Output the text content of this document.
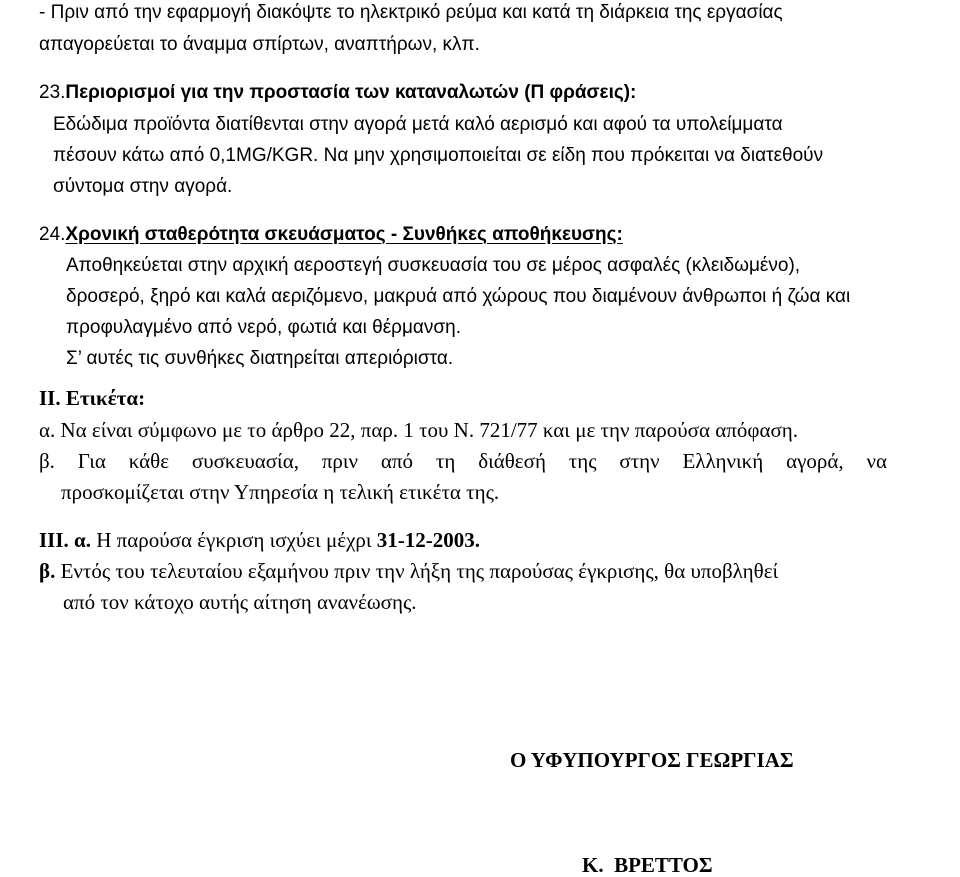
- Πριν από την εφαρμογή διακόψτε το ηλεκτρικό ρεύμα και κατά τη διάρκεια της εργασίας
απαγορεύεται το άναμμα σπίρτων, αναπτήρων, κλπ.
23.Περιορισμοί για την προστασία των καταναλωτών (Π φράσεις):
Εδώδιμα προϊόντα διατίθενται στην αγορά μετά καλό αερισμό και αφού τα υπολείμματα
πέσουν κάτω από 0,1MG/KGR. Να μην χρησιμοποιείται σε είδη που πρόκειται να διατεθούν
σύντομα στην αγορά.
24.Χρονική σταθερότητα σκευάσματος - Συνθήκες αποθήκευσης:
Αποθηκεύεται στην αρχική αεροστεγή συσκευασία του σε μέρος ασφαλές (κλειδωμένο),
δροσερό, ξηρό και καλά αεριζόμενο, μακρυά από χώρους που διαμένουν άνθρωποι ή ζώα και
προφυλαγμένο από νερό, φωτιά και θέρμανση.
Σ’ αυτές τις συνθήκες διατηρείται απεριόριστα.
ΙΙ. Ετικέτα:
α. Να είναι σύμφωνο με το άρθρο 22, παρ. 1 του Ν. 721/77 και με την παρούσα απόφαση.
β. Για κάθε συσκευασία, πριν από τη διάθεσή της στην Ελληνική αγορά, να
προσκομίζεται στην Υπηρεσία η τελική ετικέτα της.
ΙΙΙ. α. Η παρούσα έγκριση ισχύει μέχρι 31-12-2003.
β. Εντός του τελευταίου εξαμήνου πριν την λήξη της παρούσας έγκρισης, θα υποβληθεί
από τον κάτοχο αυτής αίτηση ανανέωσης.
Ο ΥΦΥΠΟΥΡΓΟΣ ΓΕΩΡΓΙΑΣ
Κ.  ΒΡΕΤΤΟΣ
